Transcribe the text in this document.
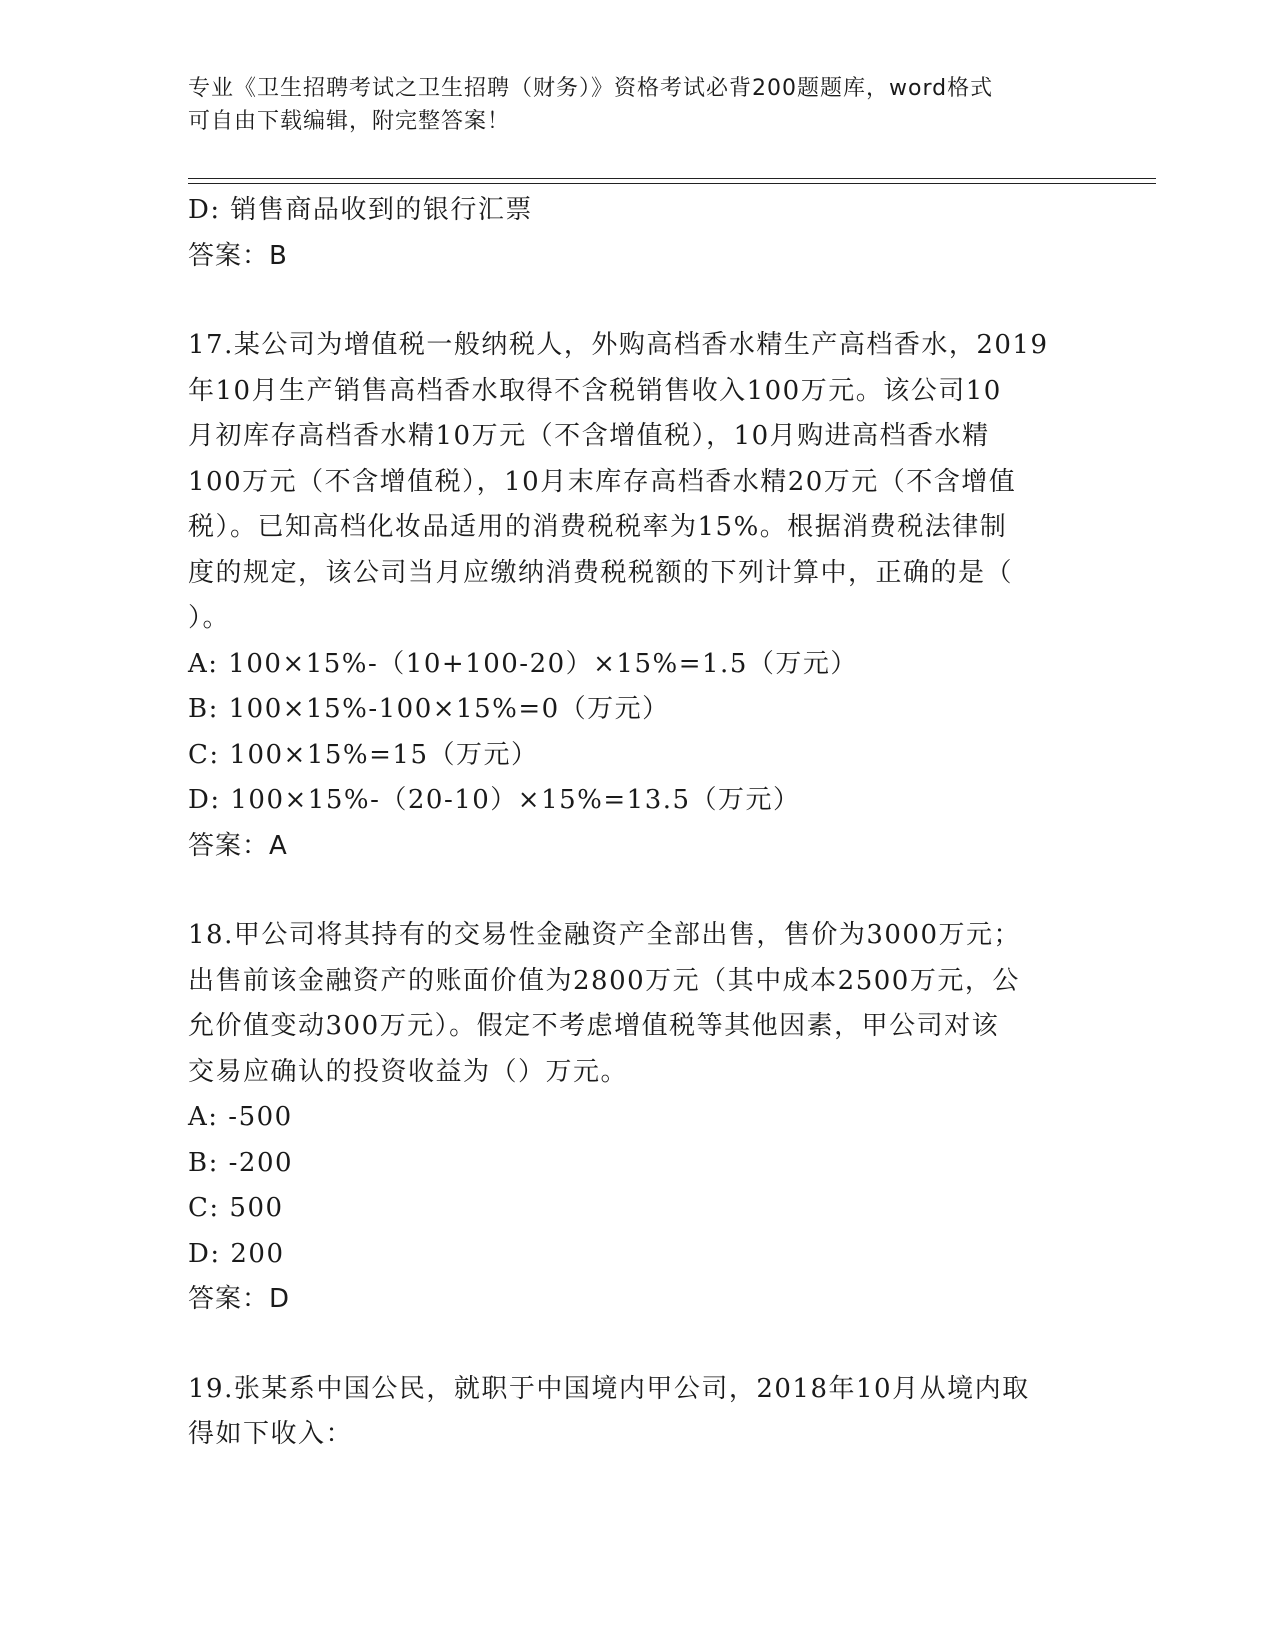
专业《卫生招聘考试之卫生招聘（财务）》资格考试必背200题题库，word格式
可自由下载编辑，附完整答案！
D: 销售商品收到的银行汇票
答案：B
17.某公司为增值税一般纳税人，外购高档香水精生产高档香水，2019
年10月生产销售高档香水取得不含税销售收入100万元。该公司10
月初库存高档香水精10万元（不含增值税），10月购进高档香水精
100万元（不含增值税），10月末库存高档香水精20万元（不含增值
税）。已知高档化妆品适用的消费税税率为15%。根据消费税法律制
度的规定，该公司当月应缴纳消费税税额的下列计算中，正确的是（
）。
A: 100×15%-（10+100-20）×15%=1.5（万元）
B: 100×15%-100×15%=0（万元）
C: 100×15%=15（万元）
D: 100×15%-（20-10）×15%=13.5（万元）
答案：A
18.甲公司将其持有的交易性金融资产全部出售，售价为3000万元；
出售前该金融资产的账面价值为2800万元（其中成本2500万元，公
允价值变动300万元）。假定不考虑增值税等其他因素，甲公司对该
交易应确认的投资收益为（）万元。
A: -500
B: -200
C: 500
D: 200
答案：D
19.张某系中国公民，就职于中国境内甲公司，2018年10月从境内取
得如下收入：
